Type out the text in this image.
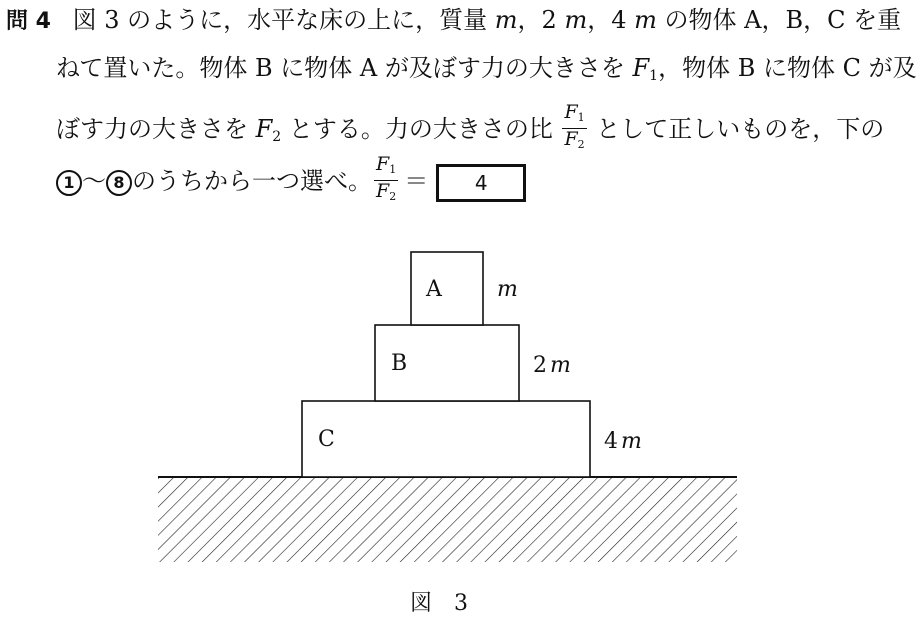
問 4 図 3 のように，水平な床の上に，質量 m，2 m，4 m の物体 A，B，C を重
ねて置いた。物体 B に物体 A が及ぼす力の大きさを $F_1$，物体 B に物体 C が及
ぼす力の大きさを $F_2$ とする。力の大きさの比 $\frac{F_1}{F_2}$ として正しいものを，下の
1 ～ 8 のうちから一つ選べ。 $\frac{F_1}{F_2} = 4$
C
B
A	m
2 m
4 m
図3
